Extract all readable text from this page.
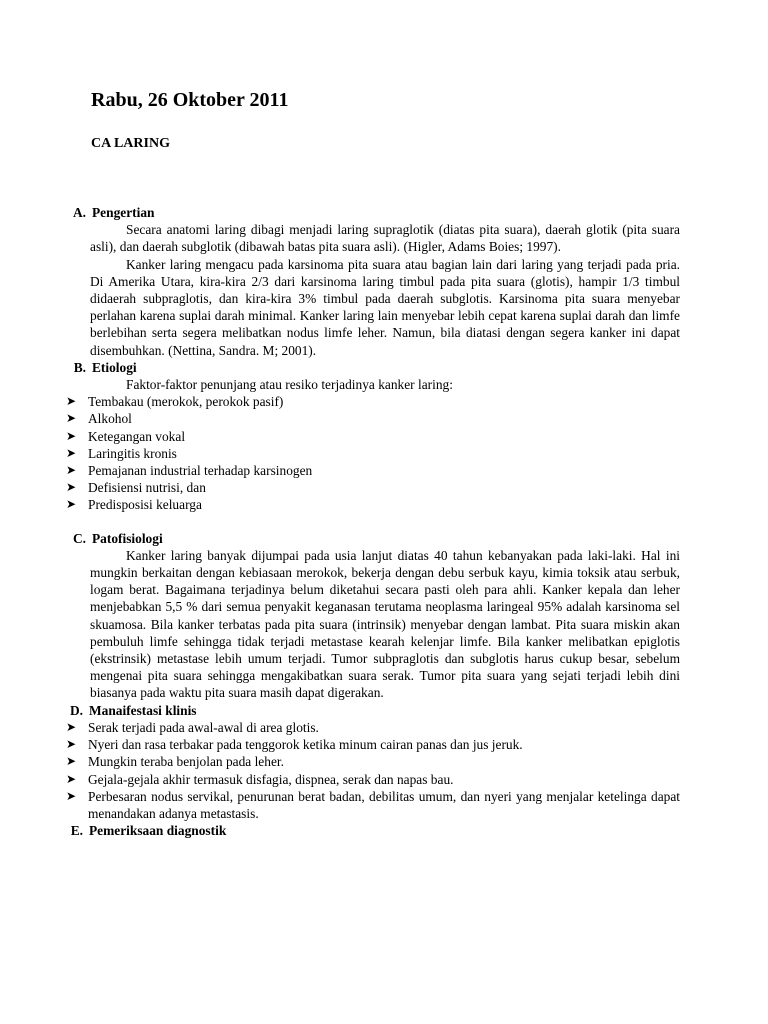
Rabu, 26 Oktober 2011
CA LARING
A. Pengertian

Secara anatomi laring dibagi menjadi laring supraglotik (diatas pita suara), daerah glotik (pita suara asli), dan daerah subglotik (dibawah batas pita suara asli). (Higler, Adams Boies; 1997).

Kanker laring mengacu pada karsinoma pita suara atau bagian lain dari laring yang terjadi pada pria. Di Amerika Utara, kira-kira 2/3 dari karsinoma laring timbul pada pita suara (glotis), hampir 1/3 timbul didaerah subpraglotis, dan kira-kira 3% timbul pada daerah subglotis. Karsinoma pita suara menyebar perlahan karena suplai darah minimal. Kanker laring lain menyebar lebih cepat karena suplai darah dan limfe berlebihan serta segera melibatkan nodus limfe leher. Namun, bila diatasi dengan segera kanker ini dapat disembuhkan. (Nettina, Sandra. M; 2001).

B. Etiologi

Faktor-faktor penunjang atau resiko terjadinya kanker laring:

➤ Tembakau (merokok, perokok pasif)
➤ Alkohol
➤ Ketegangan vokal
➤ Laringitis kronis
➤ Pemajanan industrial terhadap karsinogen
➤ Defisiensi nutrisi, dan
➤ Predisposisi keluarga
C. Patofisiologi

Kanker laring banyak dijumpai pada usia lanjut diatas 40 tahun kebanyakan pada laki-laki. Hal ini mungkin berkaitan dengan kebiasaan merokok, bekerja dengan debu serbuk kayu, kimia toksik atau serbuk, logam berat. Bagaimana terjadinya belum diketahui secara pasti oleh para ahli. Kanker kepala dan leher menjebabkan 5,5 % dari semua penyakit keganasan terutama neoplasma laringeal 95% adalah karsinoma sel skuamosa. Bila kanker terbatas pada pita suara (intrinsik) menyebar dengan lambat. Pita suara miskin akan pembuluh limfe sehingga tidak terjadi metastase kearah kelenjar limfe. Bila kanker melibatkan epiglotis (ekstrinsik) metastase lebih umum terjadi. Tumor subpraglotis dan subglotis harus cukup besar, sebelum mengenai pita suara sehingga mengakibatkan suara serak. Tumor pita suara yang sejati terjadi lebih dini biasanya pada waktu pita suara masih dapat digerakan.

D. Manaifestasi klinis
➤ Serak terjadi pada awal-awal di area glotis.
➤ Nyeri dan rasa terbakar pada tenggorok ketika minum cairan panas dan jus jeruk.
➤ Mungkin teraba benjolan pada leher.
➤ Gejala-gejala akhir termasuk disfagia, dispnea, serak dan napas bau.
➤ Perbesaran nodus servikal, penurunan berat badan, debilitas umum, dan nyeri yang menjalar ketelinga dapat menandakan adanya metastasis.
E. Pemeriksaan diagnostik
